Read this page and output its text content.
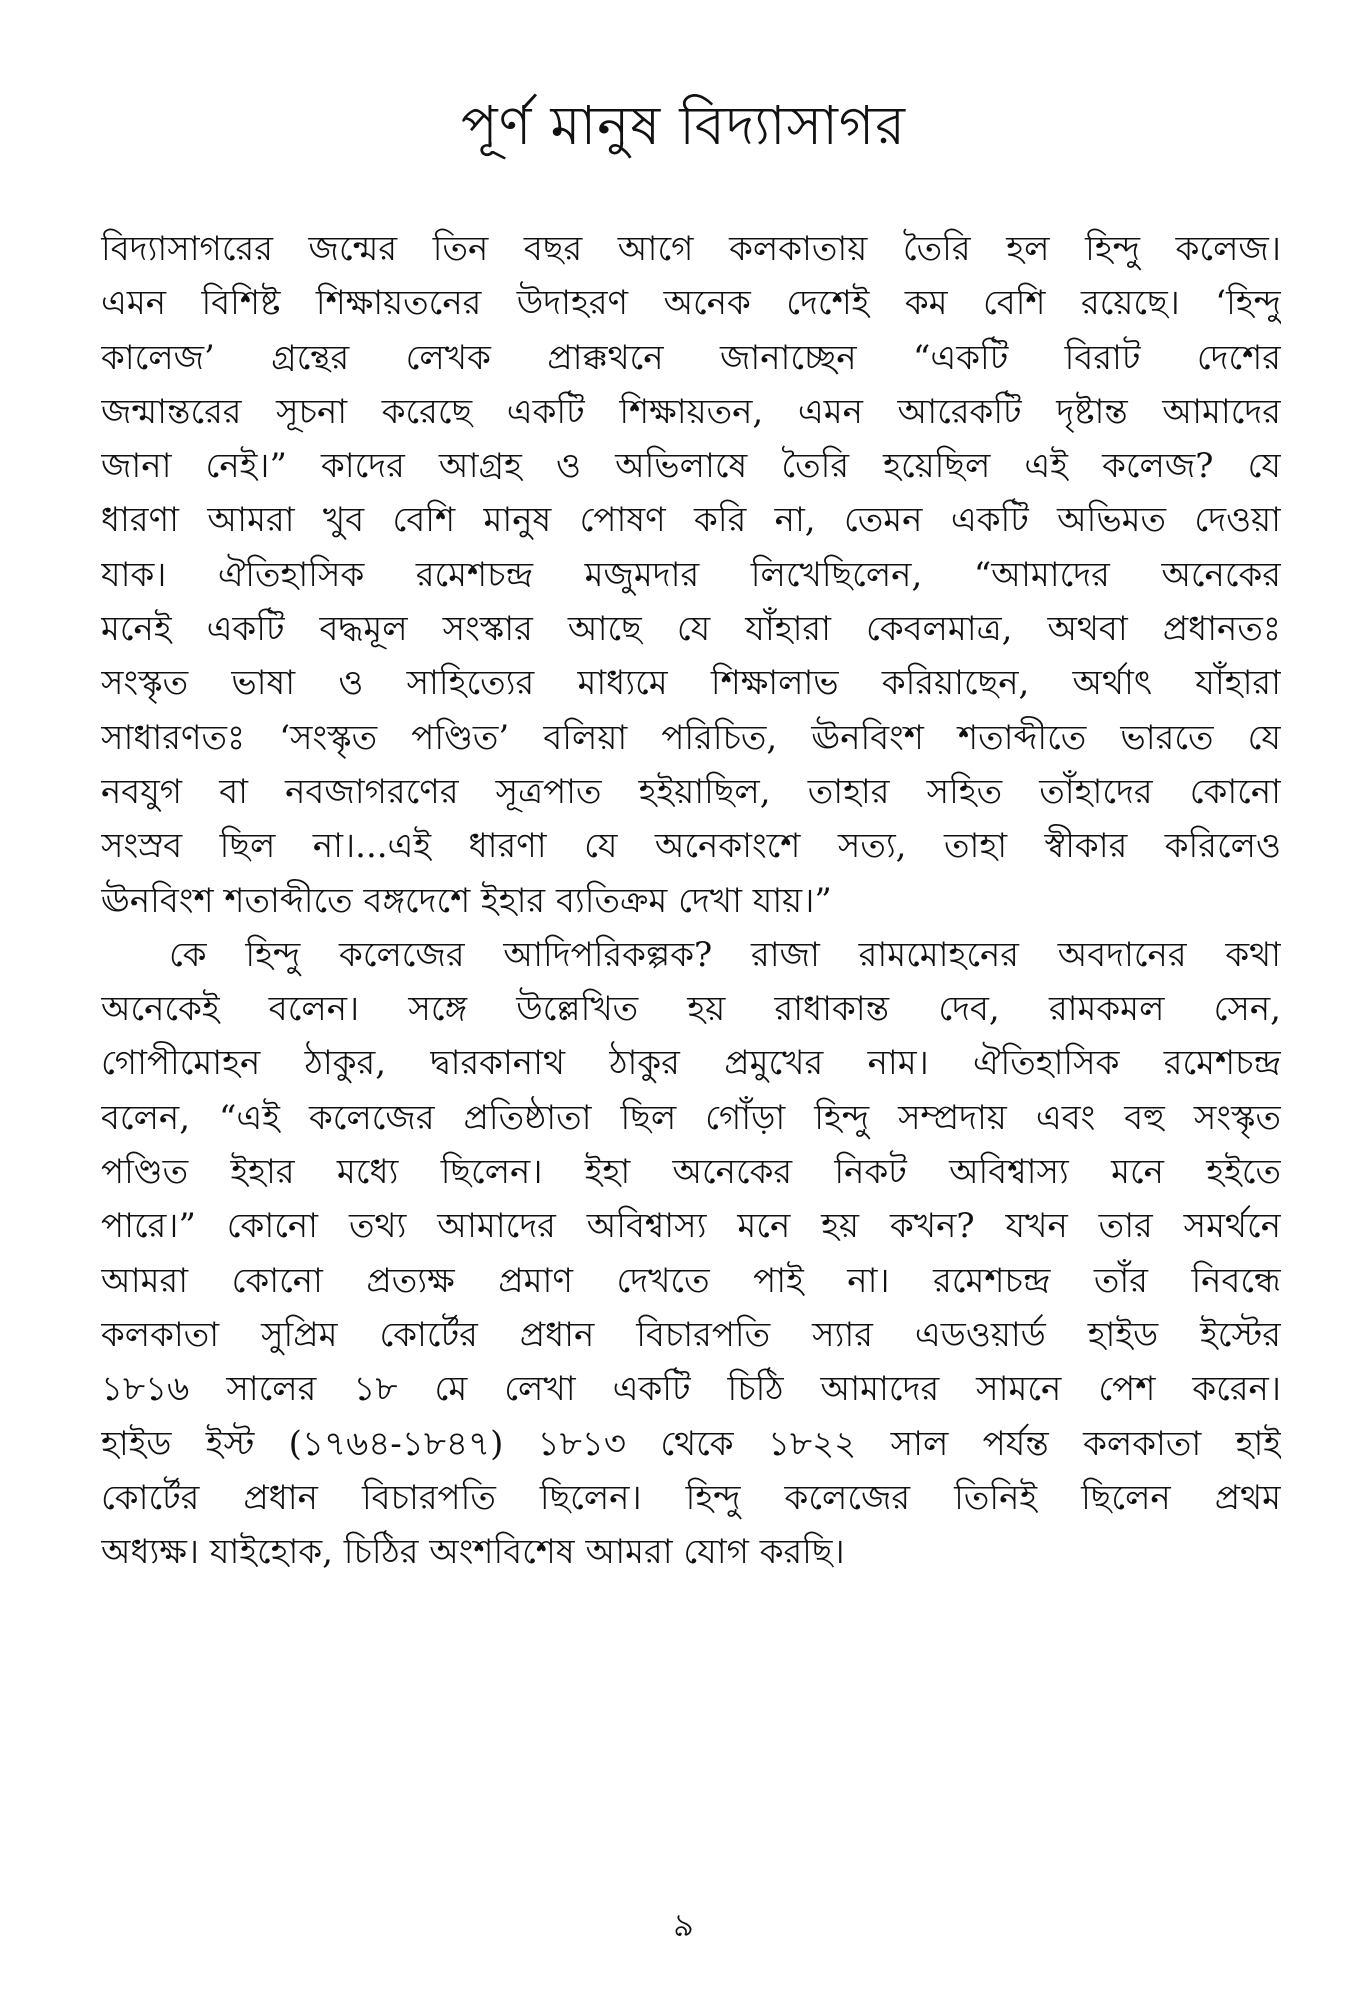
পূর্ণ মানুষ বিদ্যাসাগর

বিদ্যাসাগরের জন্মের তিন বছর আগে কলকাতায় তৈরি হল হিন্দু কলেজ।
এমন বিশিষ্ট শিক্ষায়তনের উদাহরণ অনেক দেশেই কম বেশি রয়েছে। ‘হিন্দু
কালেজ’ গ্রন্থের লেখক প্রাক্কথনে জানাচ্ছেন “একটি বিরাট দেশের
জন্মান্তরের সূচনা করেছে একটি শিক্ষায়তন, এমন আরেকটি দৃষ্টান্ত আমাদের
জানা নেই।” কাদের আগ্রহ ও অভিলাষে তৈরি হয়েছিল এই কলেজ? যে
ধারণা আমরা খুব বেশি মানুষ পোষণ করি না, তেমন একটি অভিমত দেওয়া
যাক। ঐতিহাসিক রমেশচন্দ্র মজুমদার লিখেছিলেন, “আমাদের অনেকের
মনেই একটি বদ্ধমূল সংস্কার আছে যে যাঁহারা কেবলমাত্র, অথবা প্রধানতঃ
সংস্কৃত ভাষা ও সাহিত্যের মাধ্যমে শিক্ষালাভ করিয়াছেন, অর্থাৎ যাঁহারা
সাধারণতঃ ‘সংস্কৃত পণ্ডিত’ বলিয়া পরিচিত, ঊনবিংশ শতাব্দীতে ভারতে যে
নবযুগ বা নবজাগরণের সূত্রপাত হইয়াছিল, তাহার সহিত তাঁহাদের কোনো
সংস্রব ছিল না।...এই ধারণা যে অনেকাংশে সত্য, তাহা স্বীকার করিলেও
ঊনবিংশ শতাব্দীতে বঙ্গদেশে ইহার ব্যতিক্রম দেখা যায়।”

কে হিন্দু কলেজের আদিপরিকল্পক? রাজা রামমোহনের অবদানের কথা
অনেকেই বলেন। সঙ্গে উল্লেখিত হয় রাধাকান্ত দেব, রামকমল সেন,
গোপীমোহন ঠাকুর, দ্বারকানাথ ঠাকুর প্রমুখের নাম। ঐতিহাসিক রমেশচন্দ্র
বলেন, “এই কলেজের প্রতিষ্ঠাতা ছিল গোঁড়া হিন্দু সম্প্রদায় এবং বহু সংস্কৃত
পণ্ডিত ইহার মধ্যে ছিলেন। ইহা অনেকের নিকট অবিশ্বাস্য মনে হইতে
পারে।” কোনো তথ্য আমাদের অবিশ্বাস্য মনে হয় কখন? যখন তার সমর্থনে
আমরা কোনো প্রত্যক্ষ প্রমাণ দেখতে পাই না। রমেশচন্দ্র তাঁর নিবন্ধে
কলকাতা সুপ্রিম কোর্টের প্রধান বিচারপতি স্যার এডওয়ার্ড হাইড ইস্টের
১৮১৬ সালের ১৮ মে লেখা একটি চিঠি আমাদের সামনে পেশ করেন।
হাইড ইস্ট (১৭৬৪-১৮৪৭) ১৮১৩ থেকে ১৮২২ সাল পর্যন্ত কলকাতা হাই
কোর্টের প্রধান বিচারপতি ছিলেন। হিন্দু কলেজের তিনিই ছিলেন প্রথম
অধ্যক্ষ। যাইহোক, চিঠির অংশবিশেষ আমরা যোগ করছি।

৯
